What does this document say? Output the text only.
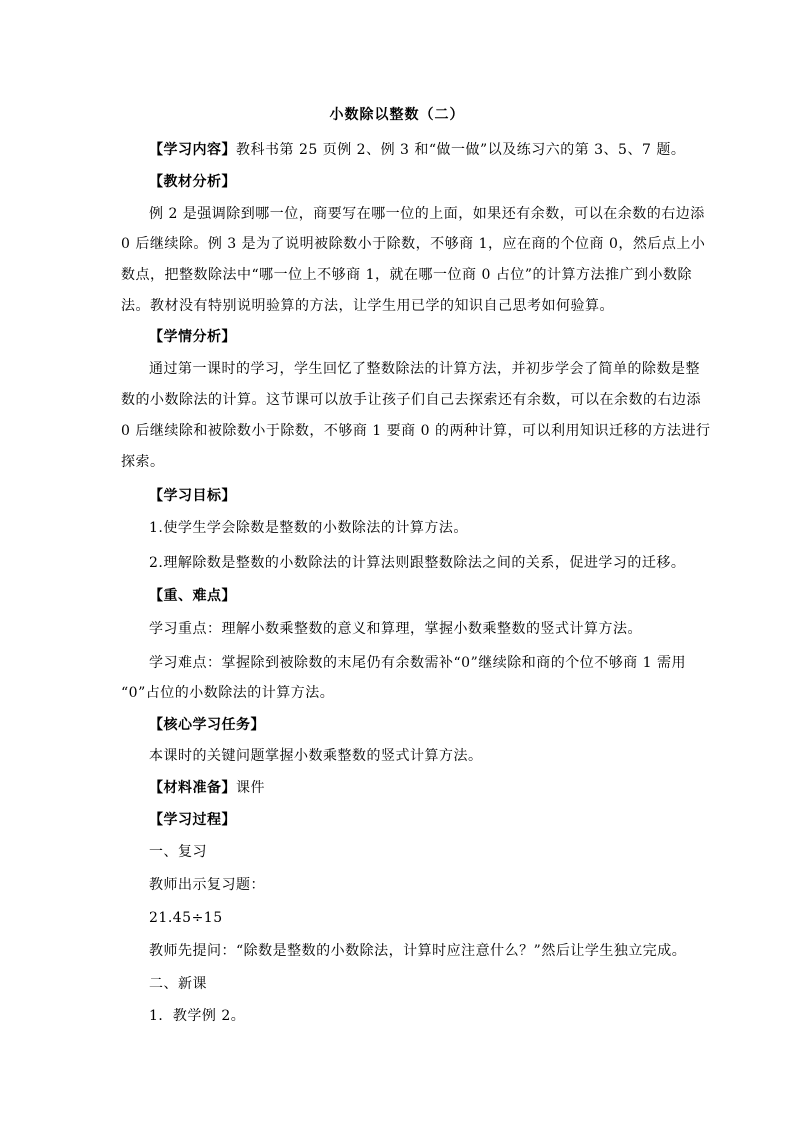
小数除以整数（二）
【学习内容】教科书第 25 页例 2、例 3 和“做一做”以及练习六的第 3、5、7 题。
【教材分析】
例 2 是强调除到哪一位，商要写在哪一位的上面，如果还有余数，可以在余数的右边添
0 后继续除。例 3 是为了说明被除数小于除数，不够商 1，应在商的个位商 0，然后点上小
数点，把整数除法中“哪一位上不够商 1，就在哪一位商 0 占位”的计算方法推广到小数除
法。教材没有特别说明验算的方法，让学生用已学的知识自己思考如何验算。
【学情分析】
通过第一课时的学习，学生回忆了整数除法的计算方法，并初步学会了简单的除数是整
数的小数除法的计算。这节课可以放手让孩子们自己去探索还有余数，可以在余数的右边添
0 后继续除和被除数小于除数，不够商 1 要商 0 的两种计算，可以利用知识迁移的方法进行
探索。
【学习目标】
1.使学生学会除数是整数的小数除法的计算方法。
2.理解除数是整数的小数除法的计算法则跟整数除法之间的关系，促进学习的迁移。
【重、难点】
学习重点：理解小数乘整数的意义和算理，掌握小数乘整数的竖式计算方法。
学习难点：掌握除到被除数的末尾仍有余数需补“0”继续除和商的个位不够商 1 需用
“0”占位的小数除法的计算方法。
【核心学习任务】
本课时的关键问题掌握小数乘整数的竖式计算方法。
【材料准备】课件
【学习过程】
一、复习
教师出示复习题：
21.45÷15
教师先提问：“除数是整数的小数除法，计算时应注意什么？”然后让学生独立完成。
二、新课
1．教学例 2。
